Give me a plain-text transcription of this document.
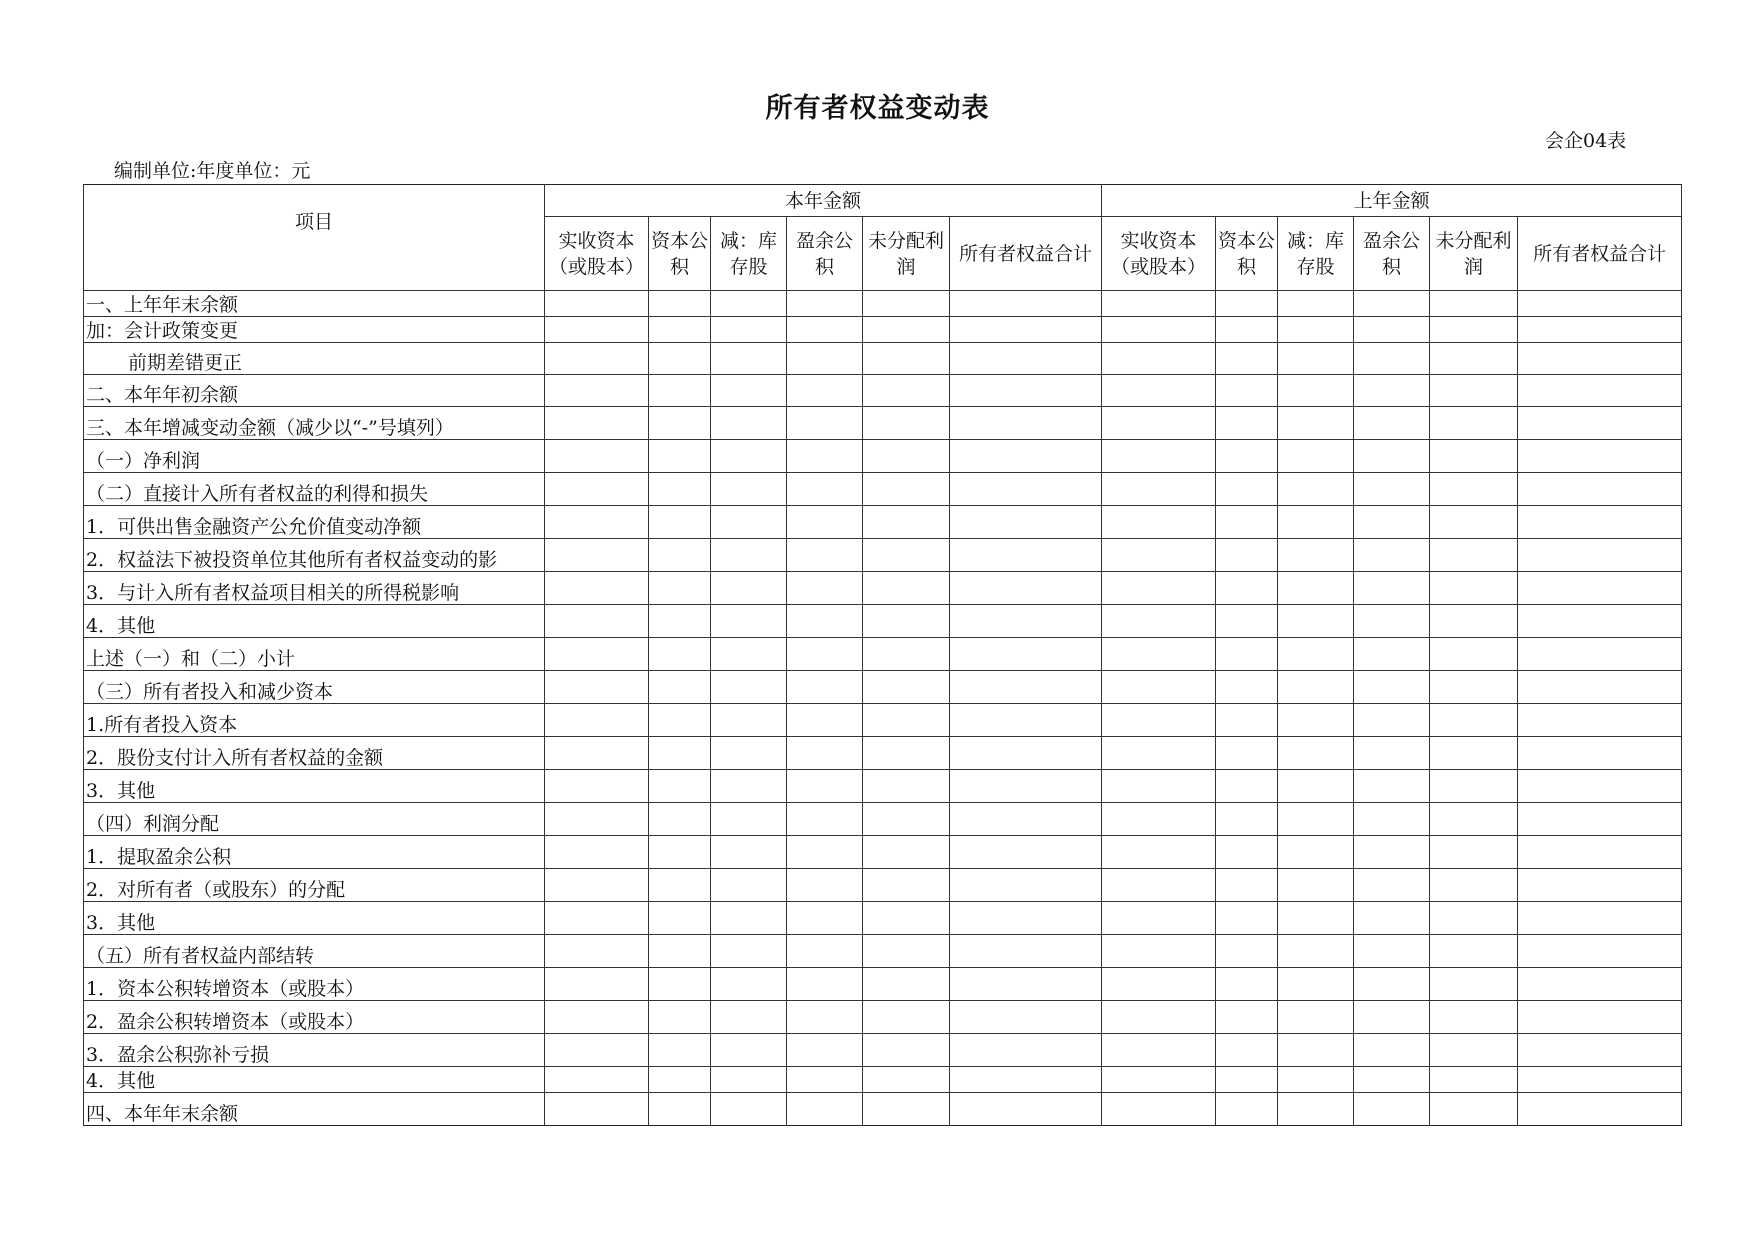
所有者权益变动表
会企04表
编制单位:年度单位：元
项目	本年金额						上年金额					
	实收资本（或股本）	资本公积	减：库存股	盈余公积	未分配利润	所有者权益合计	实收资本（或股本）	资本公积	减：库存股	盈余公积	未分配利润	所有者权益合计
一、上年年末余额												
加：会计政策变更												
前期差错更正												
二、本年年初余额												
三、本年增减变动金额（减少以“-”号填列）												
（一）净利润												
（二）直接计入所有者权益的利得和损失												
1．可供出售金融资产公允价值变动净额												
2．权益法下被投资单位其他所有者权益变动的影												
3．与计入所有者权益项目相关的所得税影响												
4．其他												
上述（一）和（二）小计												
（三）所有者投入和减少资本												
1.所有者投入资本												
2．股份支付计入所有者权益的金额												
3．其他												
（四）利润分配												
1．提取盈余公积												
2．对所有者（或股东）的分配												
3．其他												
（五）所有者权益内部结转												
1．资本公积转增资本（或股本）												
2．盈余公积转增资本（或股本）												
3．盈余公积弥补亏损												
4．其他												
四、本年年末余额												
